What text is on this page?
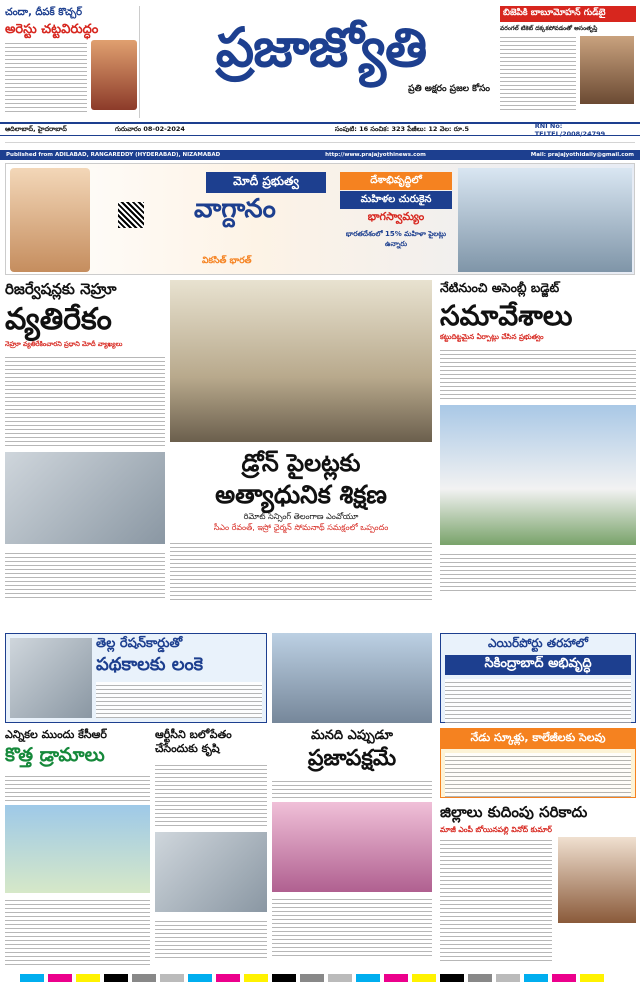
చందా, దీపక్ కొచ్చర్
అరెస్టు చట్టవిరుద్ధం	ప్రజాజ్యోతి
ప్రతి అక్షరం ప్రజల కోసం
బిజెపికి బాబూమోహన్ గుడ్‌బై
వరంగల్ టికెట్ దక్కకపోవడంతో అసంతృప్తి
ఆదిలాబాద్, హైదరాబాద్	గురువారం 08-02-2024	సంపుటి: 16 సంచిక: 323 పేజీలు: 12 వెల: రూ.5	RNI No: TELTEL/2008/24799
Published from ADILABAD, RANGAREDDY (HYDERABAD), NIZAMABAD	http://www.prajajyothinews.com	Mail: prajajyothidaily@gmail.com
మోదీ ప్రభుత్వ
వాగ్దానం
వికసిత్ భారత్
దేశాభివృద్ధిలో
మహిళల చురుకైన
భాగస్వామ్యం
భారతదేశంలో 15% మహిళా పైలట్లు ఉన్నారు
రిజర్వేషన్లకు నెహ్రూ
వ్యతిరేకం
నెహ్రూ వ్యతిరేకించారని ప్రధాని మోదీ వ్యాఖ్యలు
నేటినుంచి అసెంబ్లీ బడ్జెట్
సమావేశాలు
కట్టుదిట్టమైన ఏర్పాట్లు చేసిన ప్రభుత్వం
డ్రోన్ పైలట్లకు
అత్యాధునిక శిక్షణ
రిమోట్ సెన్సింగ్ తెలంగాణ ఎంవోయూ
సీఎం రేవంత్, ఇస్రో ఛైర్మన్ సోమనాథ్ సమక్షంలో ఒప్పందం
తెల్ల రేషన్‌కార్డుతో
పథకాలకు లంకె
ఎయిర్‌పోర్టు తరహాలో
సికింద్రాబాద్ అభివృద్ధి
ఎన్నికల ముందు కేసీఆర్
కొత్త డ్రామాలు
ఆర్టీసీని బలోపేతం చేసేందుకు కృషి
మనది ఎప్పుడూ
ప్రజాపక్షమే
నేడు స్కూళ్లు, కాలేజీలకు సెలవు
జిల్లాలు కుదింపు సరికాదు
మాజీ ఎంపీ బోయినపల్లి వినోద్ కుమార్
